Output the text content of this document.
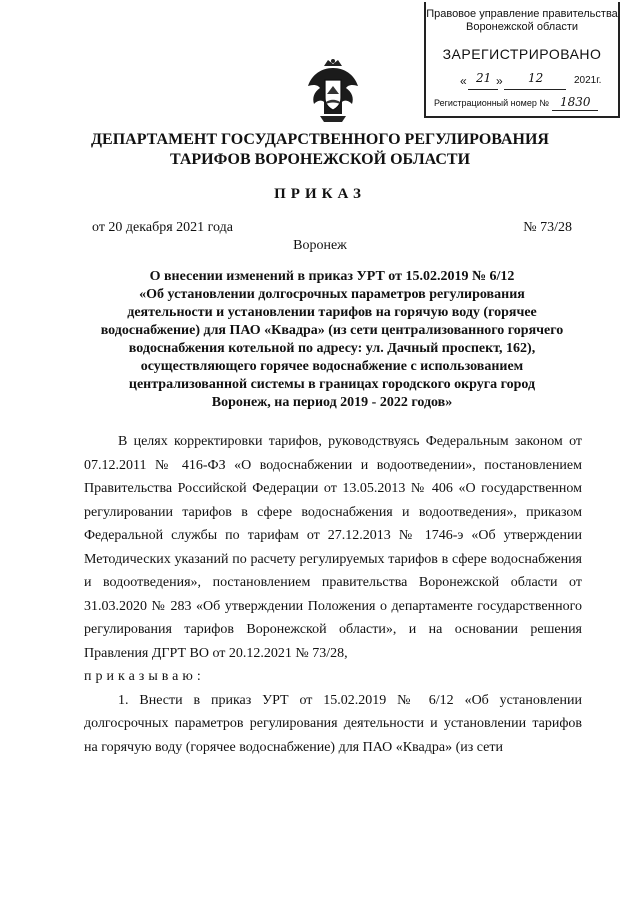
Правовое управление правительства
Воронежской области
ЗАРЕГИСТРИРОВАНО
« 21 » 12	2021г.
Регистрационный номер № 1830
ДЕПАРТАМЕНТ ГОСУДАРСТВЕННОГО РЕГУЛИРОВАНИЯ
ТАРИФОВ ВОРОНЕЖСКОЙ ОБЛАСТИ
ПРИКАЗ
от 20 декабря 2021 года	№ 73/28
Воронеж
О внесении изменений в приказ УРТ от 15.02.2019 № 6/12
«Об установлении долгосрочных параметров регулирования
деятельности и установлении тарифов на горячую воду (горячее
водоснабжение) для ПАО «Квадра» (из сети централизованного горячего
водоснабжения котельной по адресу: ул. Дачный проспект, 162),
осуществляющего горячее водоснабжение с использованием
централизованной системы в границах городского округа город
Воронеж, на период 2019 - 2022 годов»

В целях корректировки тарифов, руководствуясь Федеральным законом от 07.12.2011 № 416-ФЗ «О водоснабжении и водоотведении», постановлением Правительства Российской Федерации от 13.05.2013 № 406 «О государственном регулировании тарифов в сфере водоснабжения и водоотведения», приказом Федеральной службы по тарифам от 27.12.2013 № 1746-э «Об утверждении Методических указаний по расчету регулируемых тарифов в сфере водоснабжения и водоотведения», постановлением правительства Воронежской области от 31.03.2020 № 283 «Об утверждении Положения о департаменте государственного регулирования тарифов Воронежской области», и на основании решения Правления ДГРТ ВО от 20.12.2021 № 73/28,

приказываю:

1. Внести в приказ УРТ от 15.02.2019 № 6/12 «Об установлении долгосрочных параметров регулирования деятельности и установлении тарифов на горячую воду (горячее водоснабжение) для ПАО «Квадра» (из сети
